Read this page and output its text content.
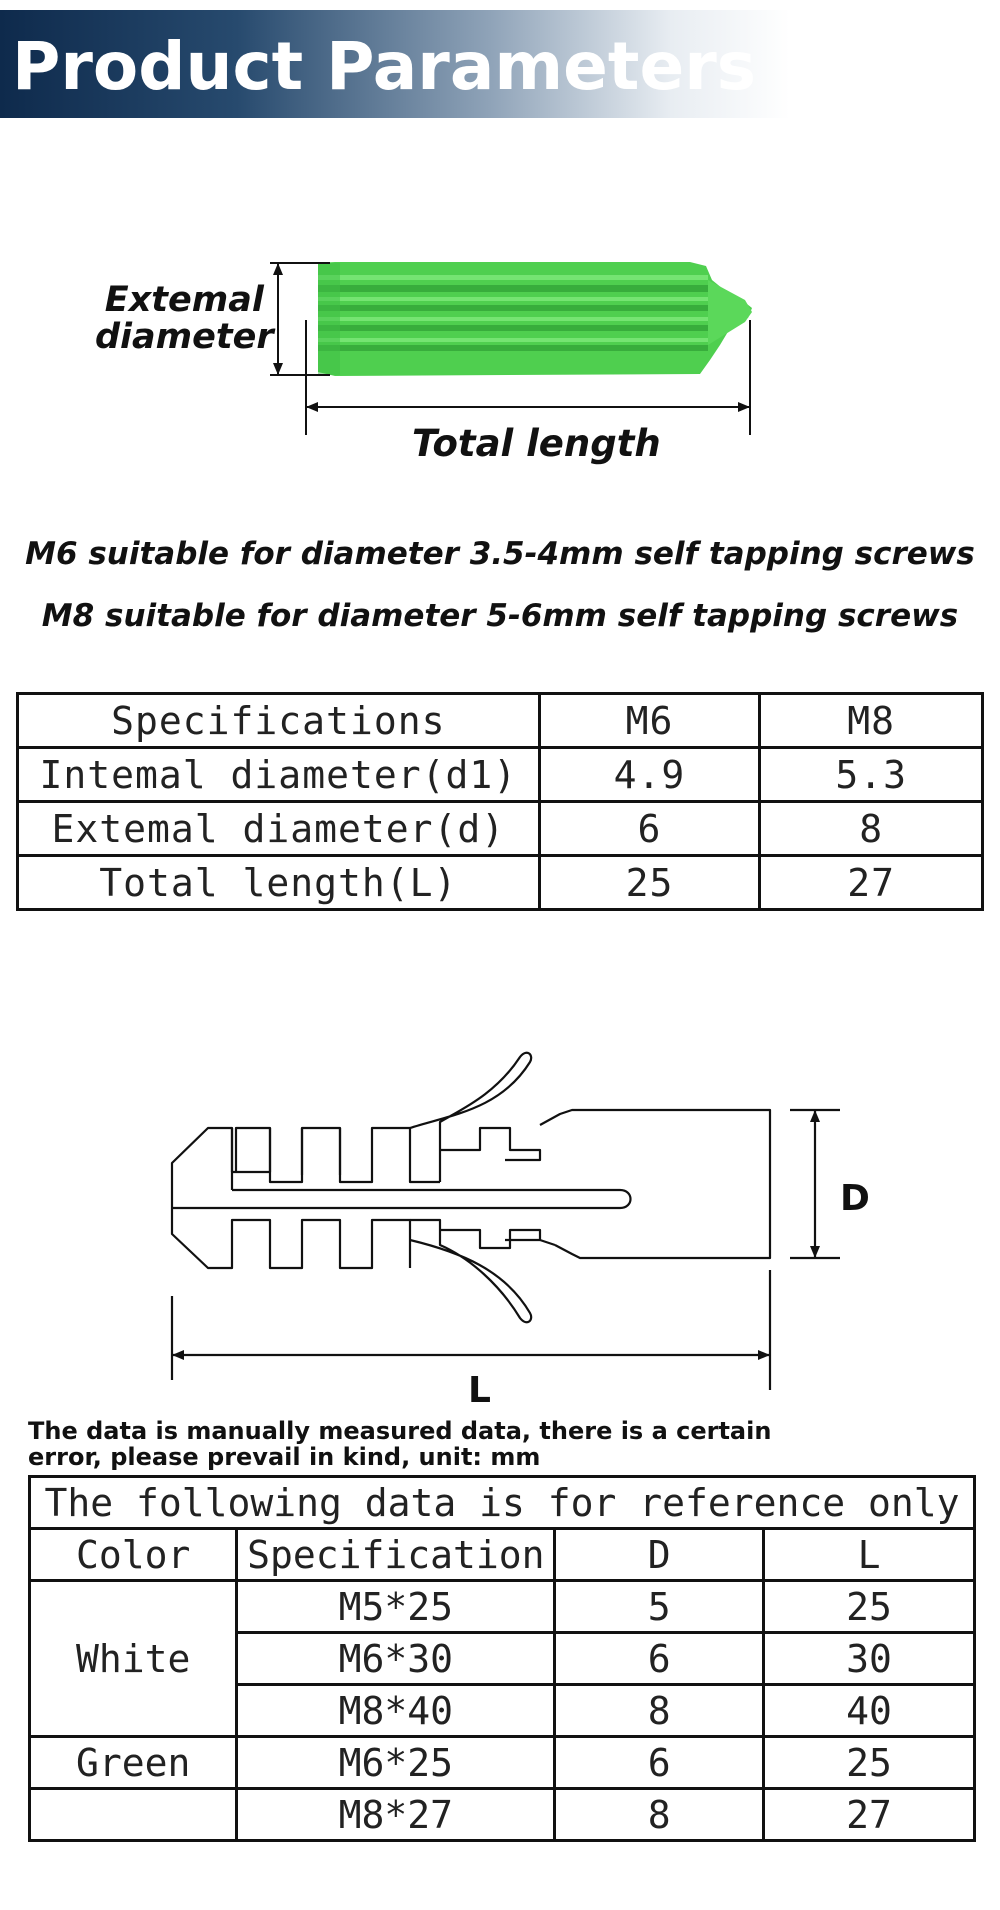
Product Parameters
Extemal
diameter
Total length
M6 suitable for diameter 3.5-4mm self tapping screws
M8 suitable for diameter 5-6mm self tapping screws
Specifications	M6	M8
Intemal diameter(d1)	4.9	5.3
Extemal diameter(d)	6	8
Total length(L)	25	27
D
L
The data is manually measured data, there is a certain
error, please prevail in kind, unit: mm
The following data is for reference only			
Color	Specification	D	L
White	M5*25	5	25
	M6*30	6	30
	M8*40	8	40
Green	M6*25	6	25
	M8*27	8	27
